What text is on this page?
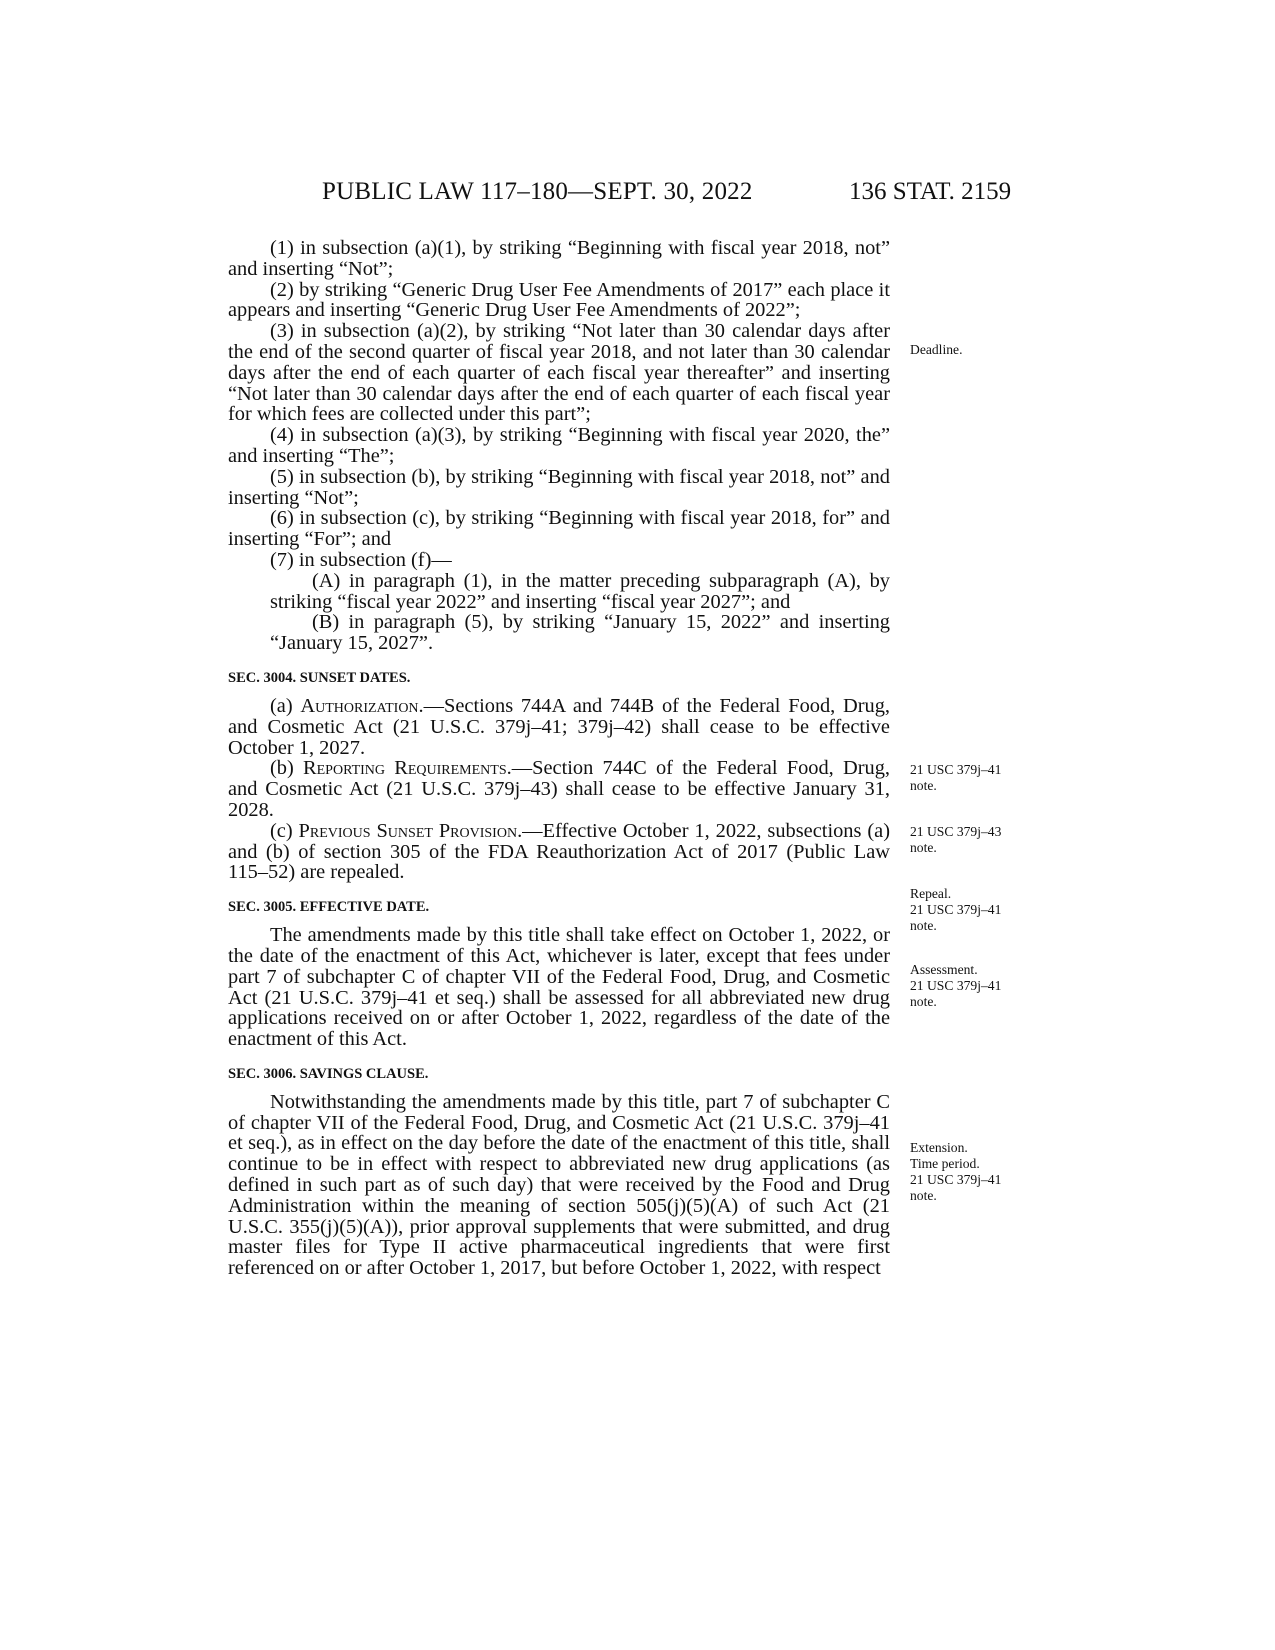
PUBLIC LAW 117–180—SEPT. 30, 2022	136 STAT. 2159

(1) in subsection (a)(1), by striking “Beginning with fiscal year 2018, not” and inserting “Not”;

(2) by striking “Generic Drug User Fee Amendments of 2017” each place it appears and inserting “Generic Drug User Fee Amendments of 2022”;

(3) in subsection (a)(2), by striking “Not later than 30 calendar days after the end of the second quarter of fiscal year 2018, and not later than 30 calendar days after the end of each quarter of each fiscal year thereafter” and inserting “Not later than 30 calendar days after the end of each quarter of each fiscal year for which fees are collected under this part”;

(4) in subsection (a)(3), by striking “Beginning with fiscal year 2020, the” and inserting “The”;

(5) in subsection (b), by striking “Beginning with fiscal year 2018, not” and inserting “Not”;

(6) in subsection (c), by striking “Beginning with fiscal year 2018, for” and inserting “For”; and

(7) in subsection (f)—

(A) in paragraph (1), in the matter preceding subparagraph (A), by striking “fiscal year 2022” and inserting “fiscal year 2027”; and

(B) in paragraph (5), by striking “January 15, 2022” and inserting “January 15, 2027”.

SEC. 3004. SUNSET DATES.

(a) Authorization.—Sections 744A and 744B of the Federal Food, Drug, and Cosmetic Act (21 U.S.C. 379j–41; 379j–42) shall cease to be effective October 1, 2027.

(b) Reporting Requirements.—Section 744C of the Federal Food, Drug, and Cosmetic Act (21 U.S.C. 379j–43) shall cease to be effective January 31, 2028.

(c) Previous Sunset Provision.—Effective October 1, 2022, subsections (a) and (b) of section 305 of the FDA Reauthorization Act of 2017 (Public Law 115–52) are repealed.

SEC. 3005. EFFECTIVE DATE.

The amendments made by this title shall take effect on October 1, 2022, or the date of the enactment of this Act, whichever is later, except that fees under part 7 of subchapter C of chapter VII of the Federal Food, Drug, and Cosmetic Act (21 U.S.C. 379j–41 et seq.) shall be assessed for all abbreviated new drug applications received on or after October 1, 2022, regardless of the date of the enactment of this Act.

SEC. 3006. SAVINGS CLAUSE.

Notwithstanding the amendments made by this title, part 7 of subchapter C of chapter VII of the Federal Food, Drug, and Cosmetic Act (21 U.S.C. 379j–41 et seq.), as in effect on the day before the date of the enactment of this title, shall continue to be in effect with respect to abbreviated new drug applications (as defined in such part as of such day) that were received by the Food and Drug Administration within the meaning of section 505(j)(5)(A) of such Act (21 U.S.C. 355(j)(5)(A)), prior approval supplements that were submitted, and drug master files for Type II active pharmaceutical ingredients that were first referenced on or after October 1, 2017, but before October 1, 2022, with respect

Deadline.
21 USC 379j–41
note.
21 USC 379j–43
note.
Repeal.
21 USC 379j–41
note.
Assessment.
21 USC 379j–41
note.
Extension.
Time period.
21 USC 379j–41
note.
